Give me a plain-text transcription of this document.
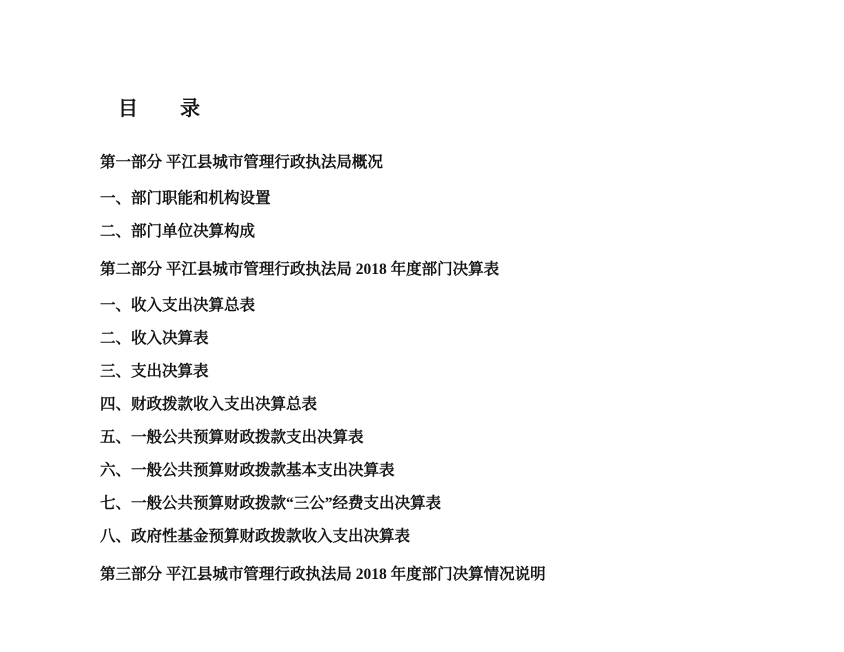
目    录
第一部分 平江县城市管理行政执法局概况
一、部门职能和机构设置
二、部门单位决算构成
第二部分 平江县城市管理行政执法局 2018 年度部门决算表
一、收入支出决算总表
二、收入决算表
三、支出决算表
四、财政拨款收入支出决算总表
五、一般公共预算财政拨款支出决算表
六、一般公共预算财政拨款基本支出决算表
七、一般公共预算财政拨款“三公”经费支出决算表
八、政府性基金预算财政拨款收入支出决算表
第三部分 平江县城市管理行政执法局 2018 年度部门决算情况说明
